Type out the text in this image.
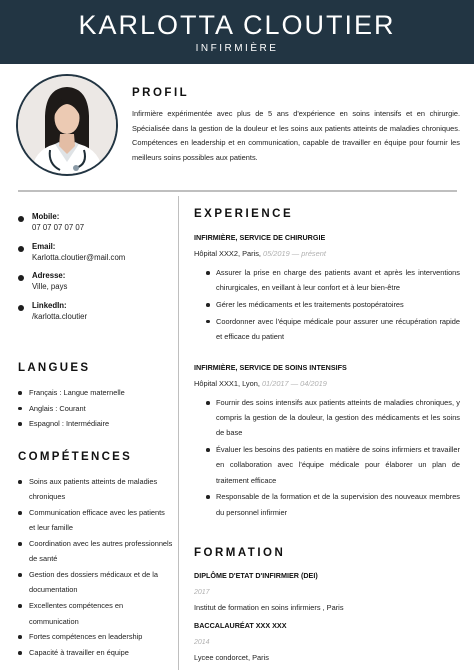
KARLOTTA CLOUTIER
INFIRMIÈRE
PROFIL
Infirmière expérimentée avec plus de 5 ans d'expérience en soins intensifs et en chirurgie. Spécialisée dans la gestion de la douleur et les soins aux patients atteints de maladies chroniques. Compétences en leadership et en communication, capable de travailler en équipe pour fournir les meilleurs soins possibles aux patients.
Mobile:
07 07 07 07 07
Email:
Karlotta.cloutier@mail.com
Adresse:
Ville, pays
LinkedIn:
/karlotta.cloutier
LANGUES
Français : Langue maternelle
Anglais : Courant
Espagnol : Intermédiaire
COMPÉTENCES
Soins aux patients atteints de maladies chroniques
Communication efficace avec les patients et leur famille
Coordination avec les autres professionnels de santé
Gestion des dossiers médicaux et de la documentation
Excellentes compétences en communication
Fortes compétences en leadership
Capacité à travailler en équipe
EXPERIENCE
INFIRMIÈRE, SERVICE DE CHIRURGIE
Hôpital XXX2, Paris, 05/2019 — présent
Assurer la prise en charge des patients avant et après les interventions chirurgicales, en veillant à leur confort et à leur bien-être
Gérer les médicaments et les traitements postopératoires
Coordonner avec l'équipe médicale pour assurer une récupération rapide et efficace du patient
INFIRMIÈRE, SERVICE DE SOINS INTENSIFS
Hôpital XXX1, Lyon, 01/2017 — 04/2019
Fournir des soins intensifs aux patients atteints de maladies chroniques, y compris la gestion de la douleur, la gestion des médicaments et les soins de base
Évaluer les besoins des patients en matière de soins infirmiers et travailler en collaboration avec l'équipe médicale pour élaborer un plan de traitement efficace
Responsable de la formation et de la supervision des nouveaux membres du personnel infirmier
FORMATION
DIPLÔME D'ETAT D'INFIRMIER (DEI)
2017
Institut de formation en soins infirmiers , Paris
BACCALAURÉAT XXX XXX
2014
Lycee condorcet, Paris
